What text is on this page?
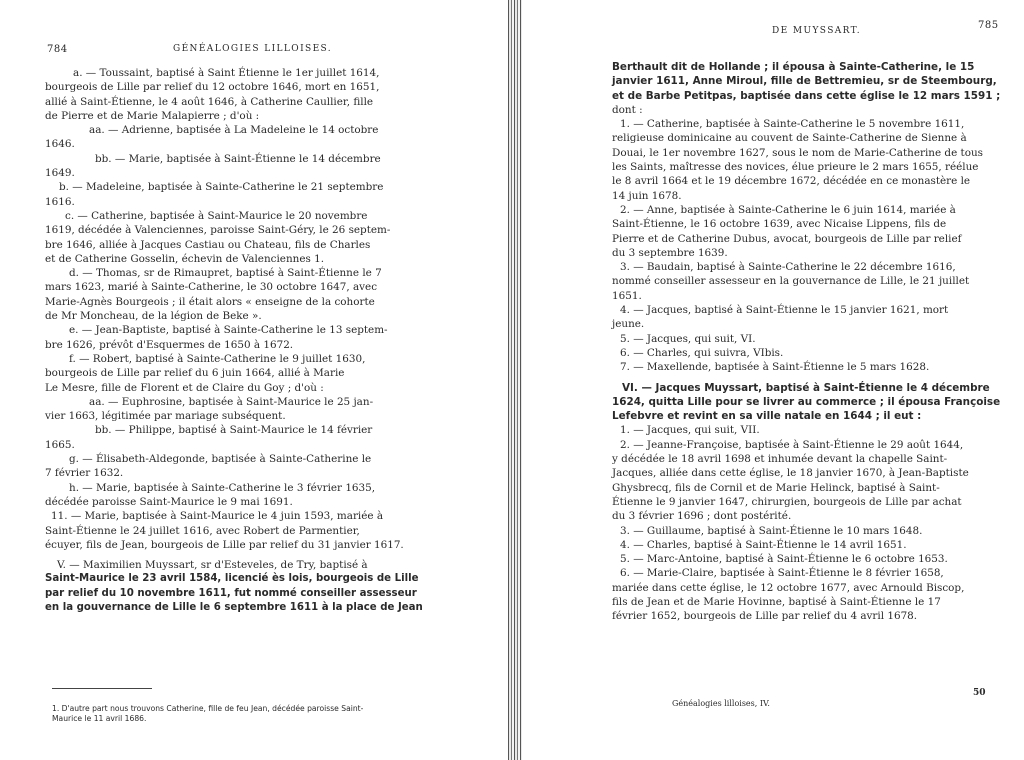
784	GÉNÉALOGIES LILLOISES.
a. — Toussaint, baptisé à Saint Étienne le 1er juillet 1614,
bourgeois de Lille par relief du 12 octobre 1646, mort en 1651,
allié à Saint-Étienne, le 4 août 1646, à Catherine Caullier, fille
de Pierre et de Marie Malapierre ; d'où :
aa. — Adrienne, baptisée à La Madeleine le 14 octobre
1646.
bb. — Marie, baptisée à Saint-Étienne le 14 décembre
1649.
b. — Madeleine, baptisée à Sainte-Catherine le 21 septembre
1616.
c. — Catherine, baptisée à Saint-Maurice le 20 novembre
1619, décédée à Valenciennes, paroisse Saint-Géry, le 26 septem-
bre 1646, alliée à Jacques Castiau ou Chateau, fils de Charles
et de Catherine Gosselin, échevin de Valenciennes 1.
d. — Thomas, sr de Rimaupret, baptisé à Saint-Étienne le 7
mars 1623, marié à Sainte-Catherine, le 30 octobre 1647, avec
Marie-Agnès Bourgeois ; il était alors « enseigne de la cohorte
de Mr Moncheau, de la légion de Beke ».
e. — Jean-Baptiste, baptisé à Sainte-Catherine le 13 septem-
bre 1626, prévôt d'Esquermes de 1650 à 1672.
f. — Robert, baptisé à Sainte-Catherine le 9 juillet 1630,
bourgeois de Lille par relief du 6 juin 1664, allié à Marie
Le Mesre, fille de Florent et de Claire du Goy ; d'où :
aa. — Euphrosine, baptisée à Saint-Maurice le 25 jan-
vier 1663, légitimée par mariage subséquent.
bb. — Philippe, baptisé à Saint-Maurice le 14 février
1665.
g. — Élisabeth-Aldegonde, baptisée à Sainte-Catherine le
7 février 1632.
h. — Marie, baptisée à Sainte-Catherine le 3 février 1635,
décédée paroisse Saint-Maurice le 9 mai 1691.
11. — Marie, baptisée à Saint-Maurice le 4 juin 1593, mariée à
Saint-Étienne le 24 juillet 1616, avec Robert de Parmentier,
écuyer, fils de Jean, bourgeois de Lille par relief du 31 janvier 1617.
V. — Maximilien Muyssart, sr d'Esteveles, de Try, baptisé à
Saint-Maurice le 23 avril 1584, licencié ès lois, bourgeois de Lille
par relief du 10 novembre 1611, fut nommé conseiller assesseur
en la gouvernance de Lille le 6 septembre 1611 à la place de Jean
1. D'autre part nous trouvons Catherine, fille de feu Jean, décédée paroisse Saint-
Maurice le 11 avril 1686.
DE MUYSSART.	785
Berthault dit de Hollande ; il épousa à Sainte-Catherine, le 15
janvier 1611, Anne Miroul, fille de Bettremieu, sr de Steembourg,
et de Barbe Petitpas, baptisée dans cette église le 12 mars 1591 ;
dont :
1. — Catherine, baptisée à Sainte-Catherine le 5 novembre 1611,
religieuse dominicaine au couvent de Sainte-Catherine de Sienne à
Douai, le 1er novembre 1627, sous le nom de Marie-Catherine de tous
les Saints, maîtresse des novices, élue prieure le 2 mars 1655, réélue
le 8 avril 1664 et le 19 décembre 1672, décédée en ce monastère le
14 juin 1678.
2. — Anne, baptisée à Sainte-Catherine le 6 juin 1614, mariée à
Saint-Étienne, le 16 octobre 1639, avec Nicaise Lippens, fils de
Pierre et de Catherine Dubus, avocat, bourgeois de Lille par relief
du 3 septembre 1639.
3. — Baudain, baptisé à Sainte-Catherine le 22 décembre 1616,
nommé conseiller assesseur en la gouvernance de Lille, le 21 juillet
1651.
4. — Jacques, baptisé à Saint-Étienne le 15 janvier 1621, mort
jeune.
5. — Jacques, qui suit, VI.
6. — Charles, qui suivra, VIbis.
7. — Maxellende, baptisée à Saint-Étienne le 5 mars 1628.
VI. — Jacques Muyssart, baptisé à Saint-Étienne le 4 décembre
1624, quitta Lille pour se livrer au commerce ; il épousa Françoise
Lefebvre et revint en sa ville natale en 1644 ; il eut :
1. — Jacques, qui suit, VII.
2. — Jeanne-Françoise, baptisée à Saint-Étienne le 29 août 1644,
y décédée le 18 avril 1698 et inhumée devant la chapelle Saint-
Jacques, alliée dans cette église, le 18 janvier 1670, à Jean-Baptiste
Ghysbrecq, fils de Cornil et de Marie Helinck, baptisé à Saint-
Étienne le 9 janvier 1647, chirurgien, bourgeois de Lille par achat
du 3 février 1696 ; dont postérité.
3. — Guillaume, baptisé à Saint-Étienne le 10 mars 1648.
4. — Charles, baptisé à Saint-Étienne le 14 avril 1651.
5. — Marc-Antoine, baptisé à Saint-Étienne le 6 octobre 1653.
6. — Marie-Claire, baptisée à Saint-Étienne le 8 février 1658,
mariée dans cette église, le 12 octobre 1677, avec Arnould Biscop,
fils de Jean et de Marie Hovinne, baptisé à Saint-Étienne le 17
février 1652, bourgeois de Lille par relief du 4 avril 1678.
Généalogies lilloises, IV.
50
